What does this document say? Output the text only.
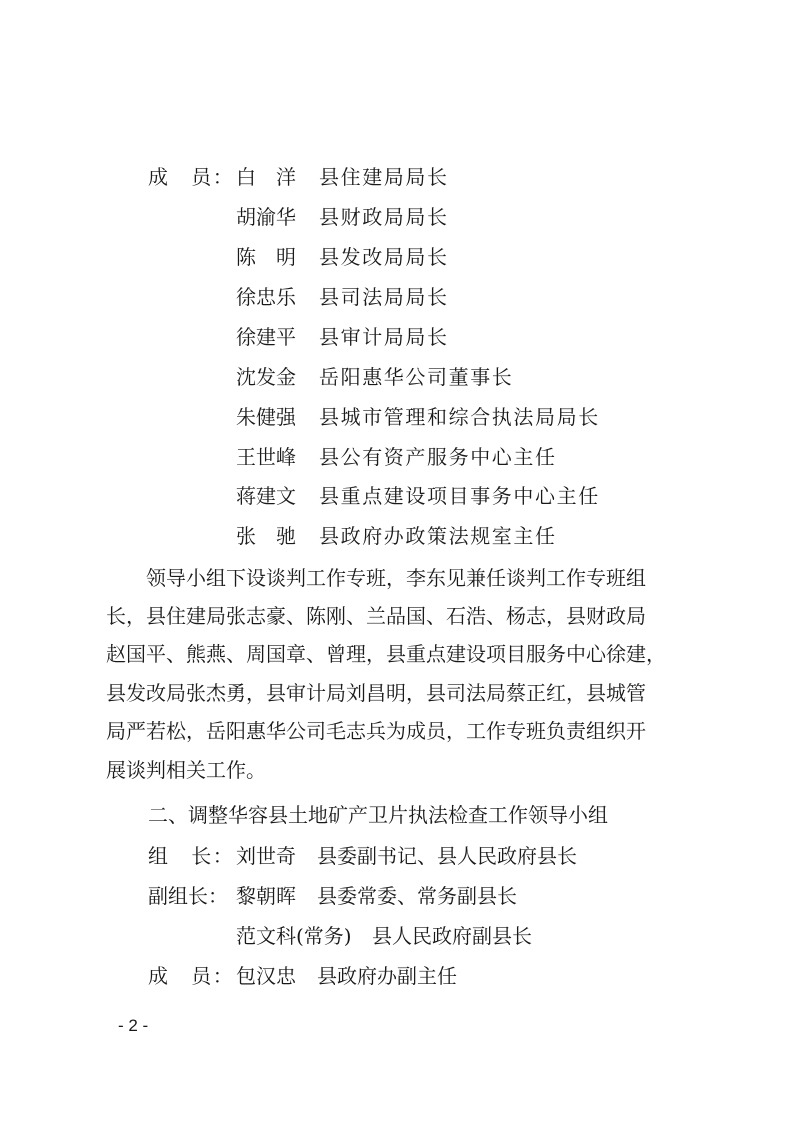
成　员： 白　洋 县住建局局长
胡渝华 县财政局局长
陈　明 县发改局局长
徐忠乐 县司法局局长
徐建平 县审计局局长
沈发金 岳阳惠华公司董事长
朱健强 县城市管理和综合执法局局长
王世峰 县公有资产服务中心主任
蒋建文 县重点建设项目事务中心主任
张　驰 县政府办政策法规室主任
　　领导小组下设谈判工作专班，李东见兼任谈判工作专班组
长，县住建局张志豪、陈刚、兰品国、石浩、杨志，县财政局
赵国平、熊燕、周国章、曾理，县重点建设项目服务中心徐建，
县发改局张杰勇，县审计局刘昌明，县司法局蔡正红，县城管
局严若松，岳阳惠华公司毛志兵为成员，工作专班负责组织开
展谈判相关工作。
二、调整华容县土地矿产卫片执法检查工作领导小组
组　长： 刘世奇 县委副书记、县人民政府县长
副组长： 黎朝晖 县委常委、常务副县长
范文科(常务) 县人民政府副县长
成　员： 包汉忠 县政府办副主任
- 2 -
